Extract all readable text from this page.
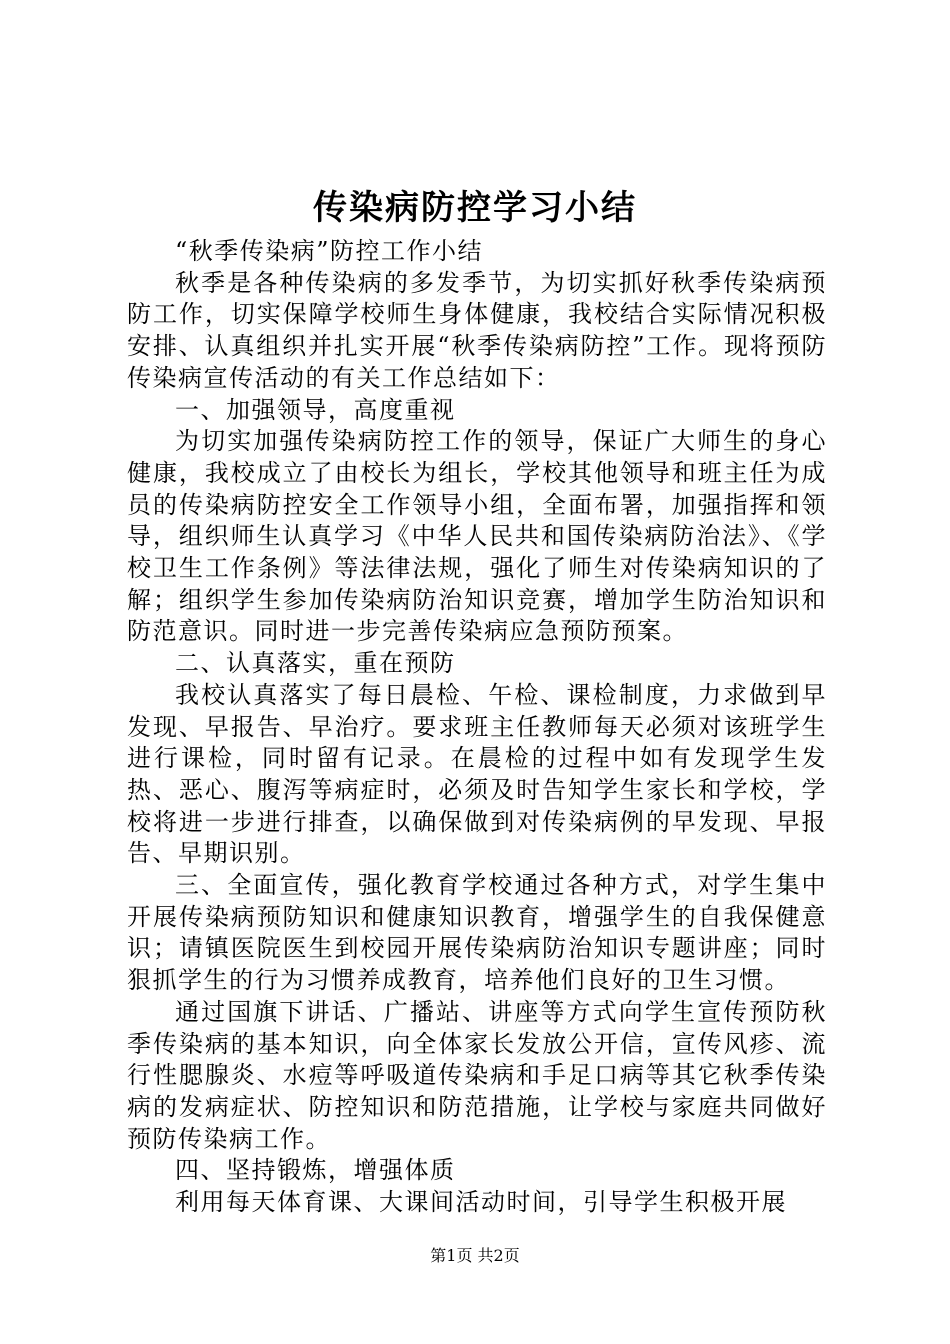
传染病防控学习小结

“秋季传染病”防控工作小结

秋季是各种传染病的多发季节，为切实抓好秋季传染病预防工作，切实保障学校师生身体健康，我校结合实际情况积极安排、认真组织并扎实开展“秋季传染病防控”工作。现将预防传染病宣传活动的有关工作总结如下：

一、加强领导，高度重视

为切实加强传染病防控工作的领导，保证广大师生的身心健康，我校成立了由校长为组长，学校其他领导和班主任为成员的传染病防控安全工作领导小组，全面布署，加强指挥和领导，组织师生认真学习《中华人民共和国传染病防治法》、《学校卫生工作条例》等法律法规，强化了师生对传染病知识的了解；组织学生参加传染病防治知识竞赛，增加学生防治知识和防范意识。同时进一步完善传染病应急预防预案。

二、认真落实，重在预防

我校认真落实了每日晨检、午检、课检制度，力求做到早发现、早报告、早治疗。要求班主任教师每天必须对该班学生进行课检，同时留有记录。在晨检的过程中如有发现学生发热、恶心、腹泻等病症时，必须及时告知学生家长和学校，学校将进一步进行排查，以确保做到对传染病例的早发现、早报告、早期识别。

三、全面宣传，强化教育学校通过各种方式，对学生集中开展传染病预防知识和健康知识教育，增强学生的自我保健意识；请镇医院医生到校园开展传染病防治知识专题讲座；同时狠抓学生的行为习惯养成教育，培养他们良好的卫生习惯。

通过国旗下讲话、广播站、讲座等方式向学生宣传预防秋季传染病的基本知识，向全体家长发放公开信，宣传风疹、流行性腮腺炎、水痘等呼吸道传染病和手足口病等其它秋季传染病的发病症状、防控知识和防范措施，让学校与家庭共同做好预防传染病工作。

四、坚持锻炼，增强体质

利用每天体育课、大课间活动时间，引导学生积极开展

第1页 共2页
